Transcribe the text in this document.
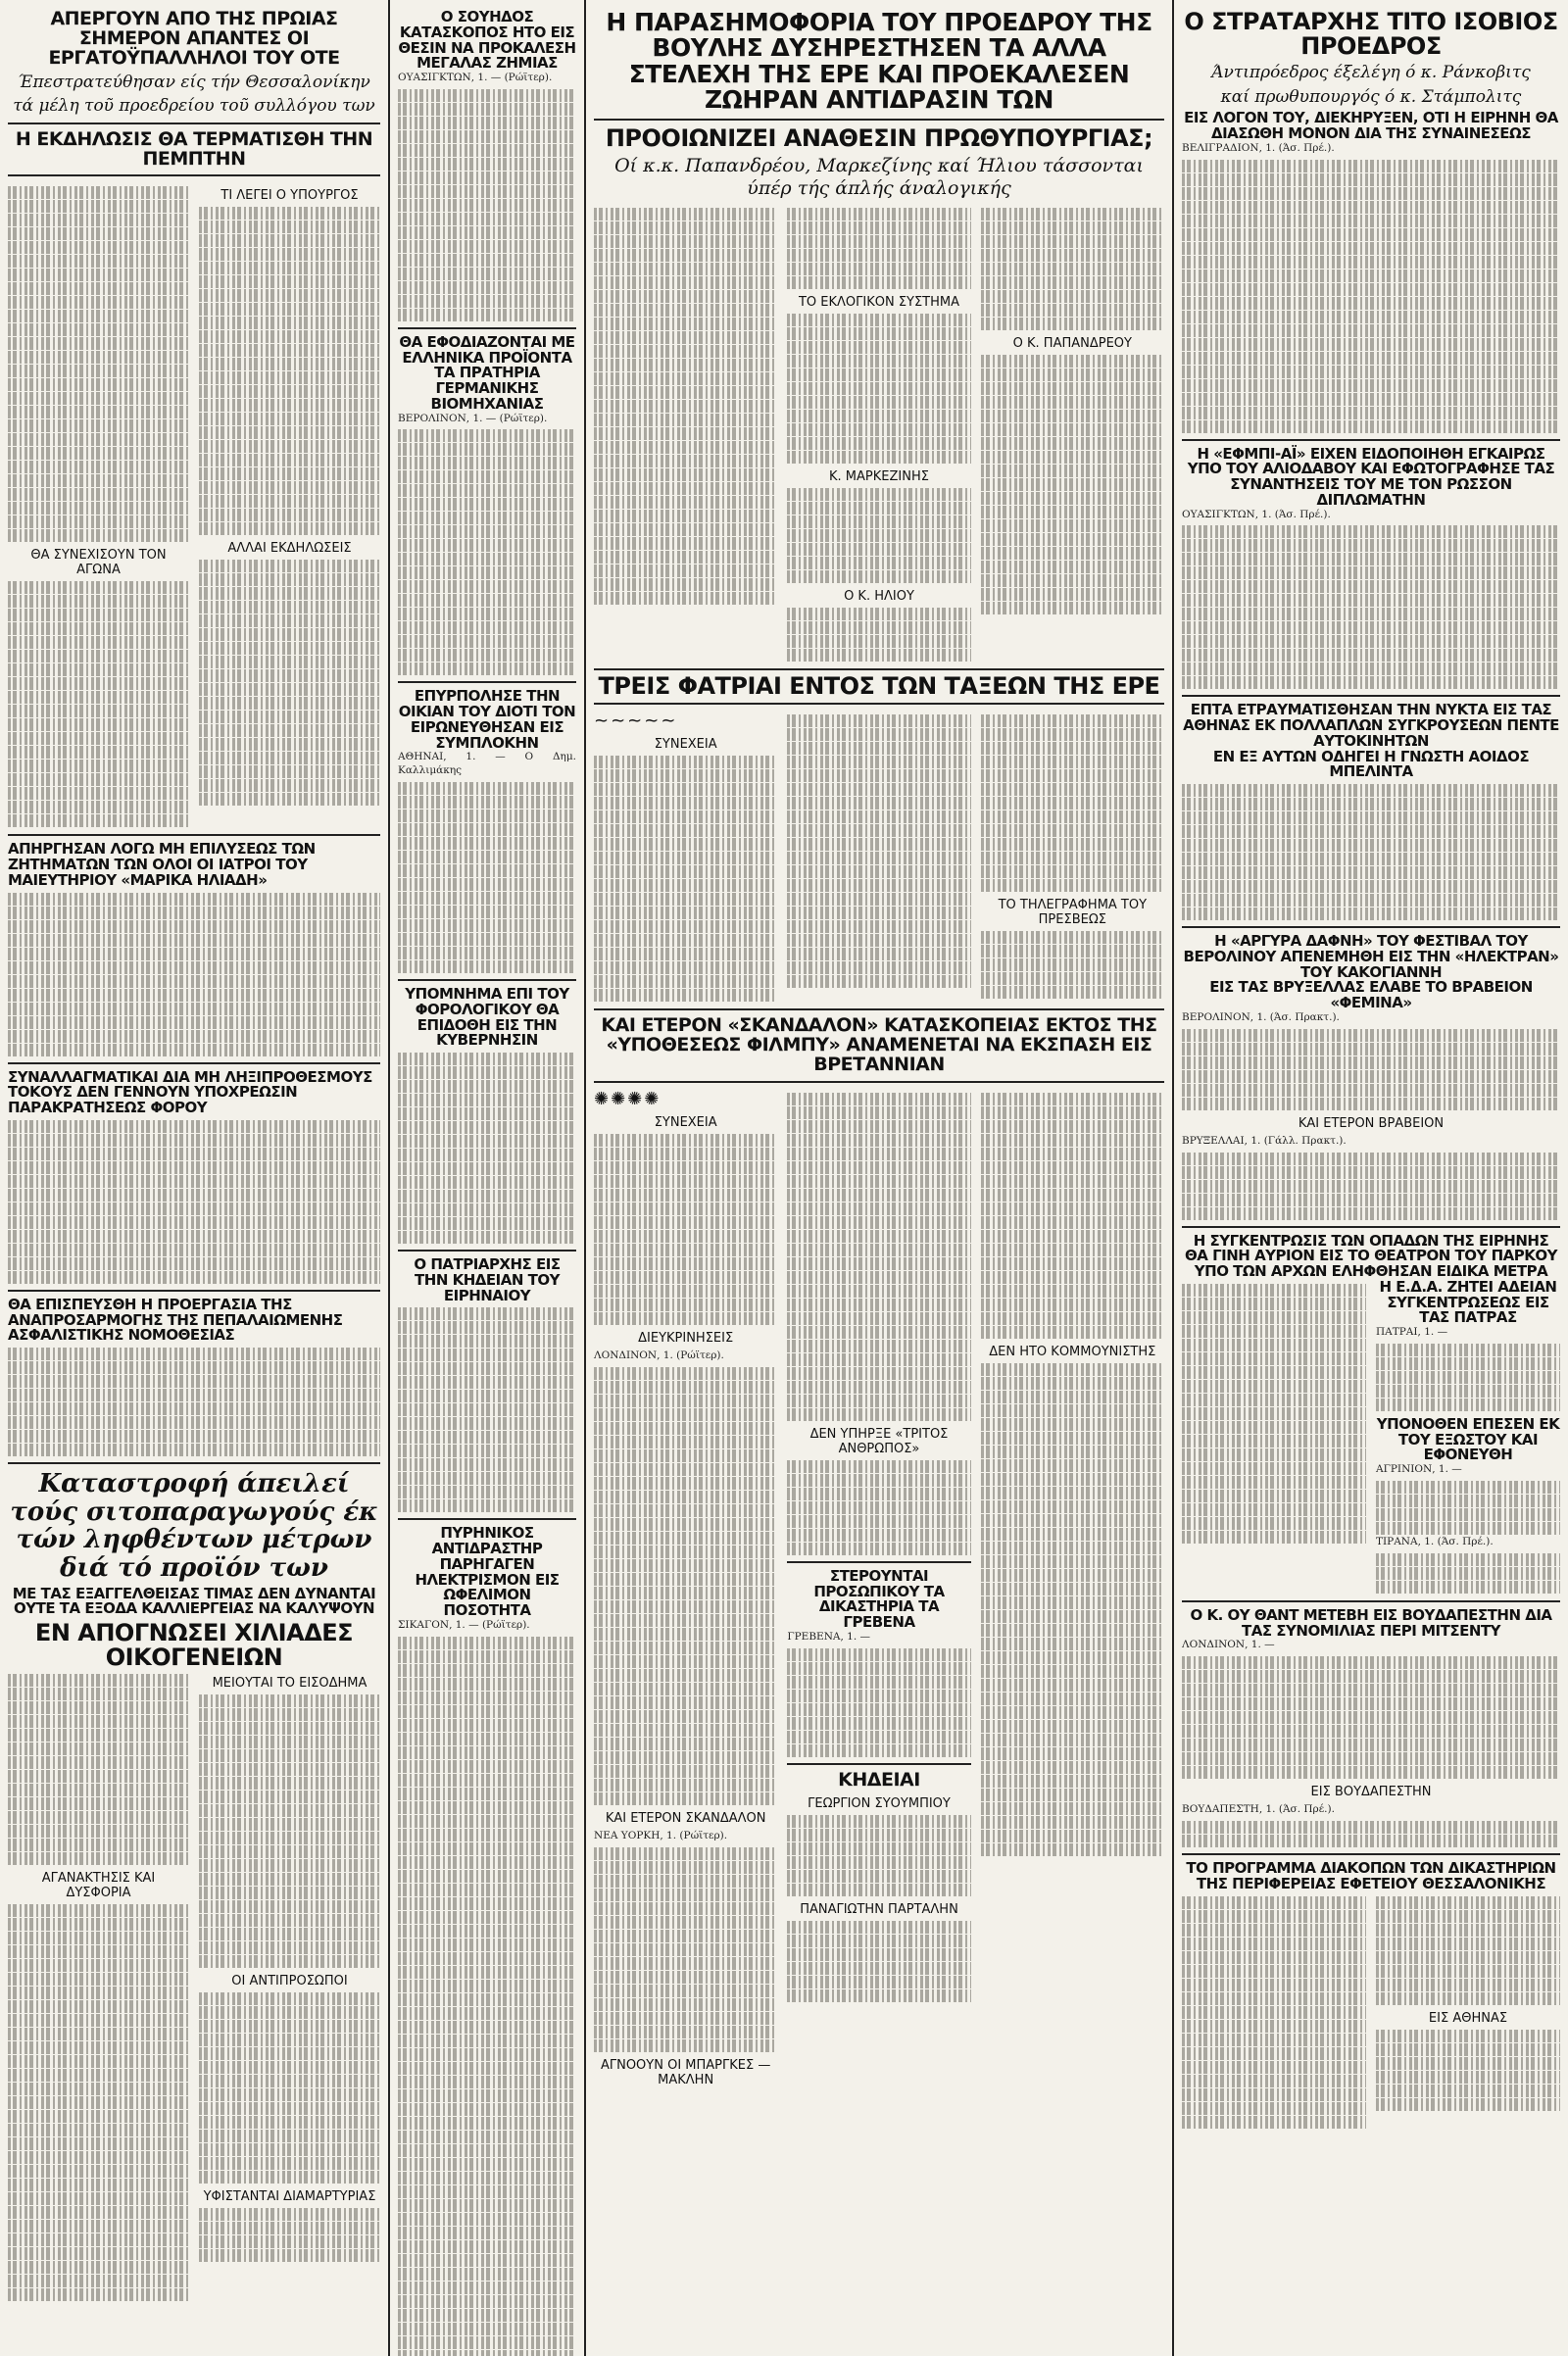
ΑΠΕΡΓΟΥΝ ΑΠΟ ΤΗΣ ΠΡΩΙΑΣ ΣΗΜΕΡΟΝ ΑΠΑΝΤΕΣ ΟΙ ΕΡΓΑΤΟΫΠΑΛΛΗΛΟΙ ΤΟΥ ΟΤΕ
Έπεστρατεύθησαν είς τήν Θεσσαλονίκην
τά μέλη τοῦ προεδρείου τοῦ συλλόγου των
Η ΕΚΔΗΛΩΣΙΣ ΘΑ ΤΕΡΜΑΤΙΣΘΗ ΤΗΝ ΠΕΜΠΤΗΝ
ΘΑ ΣΥΝΕΧΙΣΟΥΝ ΤΟΝ ΑΓΩΝΑ
ΤΙ ΛΕΓΕΙ Ο ΥΠΟΥΡΓΟΣ
ΑΛΛΑΙ ΕΚΔΗΛΩΣΕΙΣ
ΑΠΗΡΓΗΣΑΝ ΛΟΓΩ ΜΗ ΕΠΙΛΥΣΕΩΣ ΤΩΝ ΖΗΤΗΜΑΤΩΝ ΤΩΝ ΟΛΟΙ ΟΙ ΙΑΤΡΟΙ ΤΟΥ ΜΑΙΕΥΤΗΡΙΟΥ «ΜΑΡΙΚΑ ΗΛΙΑΔΗ»
ΣΥΝΑΛΛΑΓΜΑΤΙΚΑΙ ΔΙΑ ΜΗ ΛΗΞΙΠΡΟΘΕΣΜΟΥΣ ΤΟΚΟΥΣ ΔΕΝ ΓΕΝΝΟΥΝ ΥΠΟΧΡΕΩΣΙΝ ΠΑΡΑΚΡΑΤΗΣΕΩΣ ΦΟΡΟΥ
ΘΑ ΕΠΙΣΠΕΥΣΘΗ Η ΠΡΟΕΡΓΑΣΙΑ ΤΗΣ ΑΝΑΠΡΟΣΑΡΜΟΓΗΣ ΤΗΣ ΠΕΠΑΛΑΙΩΜΕΝΗΣ ΑΣΦΑΛΙΣΤΙΚΗΣ ΝΟΜΟΘΕΣΙΑΣ
Καταστροφή άπειλεί τούς σιτοπαραγωγούς έκ τών ληφθέντων μέτρων διά τό προϊόν των
ΜΕ ΤΑΣ ΕΞΑΓΓΕΛΘΕΙΣΑΣ ΤΙΜΑΣ ΔΕΝ ΔΥΝΑΝΤΑΙ ΟΥΤΕ ΤΑ ΕΞΟΔΑ ΚΑΛΛΙΕΡΓΕΙΑΣ ΝΑ ΚΑΛΥΨΟΥΝ
ΕΝ ΑΠΟΓΝΩΣΕΙ ΧΙΛΙΑΔΕΣ ΟΙΚΟΓΕΝΕΙΩΝ
ΑΓΑΝΑΚΤΗΣΙΣ ΚΑΙ ΔΥΣΦΟΡΙΑ
ΜΕΙΟΥΤΑΙ ΤΟ ΕΙΣΟΔΗΜΑ
ΟΙ ΑΝΤΙΠΡΟΣΩΠΟΙ
ΥΦΙΣΤΑΝΤΑΙ ΔΙΑΜΑΡΤΥΡΙΑΣ
Ο ΣΟΥΗΔΟΣ ΚΑΤΑΣΚΟΠΟΣ ΗΤΟ ΕΙΣ ΘΕΣΙΝ ΝΑ ΠΡΟΚΑΛΕΣΗ ΜΕΓΑΛΑΣ ΖΗΜΙΑΣ
ΟΥΑΣΙΓΚΤΩΝ, 1. — (Ρώϊτερ).
ΘΑ ΕΦΟΔΙΑΖΟΝΤΑΙ ΜΕ ΕΛΛΗΝΙΚΑ ΠΡΟΪΟΝΤΑ ΤΑ ΠΡΑΤΗΡΙΑ ΓΕΡΜΑΝΙΚΗΣ ΒΙΟΜΗΧΑΝΙΑΣ
ΒΕΡΟΛΙΝΟΝ, 1. — (Ρώϊτερ).
ΕΠΥΡΠΟΛΗΣΕ ΤΗΝ ΟΙΚΙΑΝ ΤΟΥ ΔΙΟΤΙ ΤΟΝ ΕΙΡΩΝΕΥΘΗΣΑΝ ΕΙΣ ΣΥΜΠΛΟΚΗΝ
ΑΘΗΝΑΙ, 1. — Ο Δημ. Καλλιμάκης
ΥΠΟΜΝΗΜΑ ΕΠΙ ΤΟΥ ΦΟΡΟΛΟΓΙΚΟΥ ΘΑ ΕΠΙΔΟΘΗ ΕΙΣ ΤΗΝ ΚΥΒΕΡΝΗΣΙΝ
Ο ΠΑΤΡΙΑΡΧΗΣ ΕΙΣ ΤΗΝ ΚΗΔΕΙΑΝ ΤΟΥ ΕΙΡΗΝΑΙΟΥ
ΠΥΡΗΝΙΚΟΣ ΑΝΤΙΔΡΑΣΤΗΡ ΠΑΡΗΓΑΓΕΝ ΗΛΕΚΤΡΙΣΜΟΝ ΕΙΣ ΩΦΕΛΙΜΟΝ ΠΟΣΟΤΗΤΑ
ΣΙΚΑΓΟΝ, 1. — (Ρώϊτερ).
Η ΠΑΡΑΣΗΜΟΦΟΡΙΑ ΤΟΥ ΠΡΟΕΔΡΟΥ ΤΗΣ ΒΟΥΛΗΣ ΔΥΣΗΡΕΣΤΗΣΕΝ ΤΑ ΑΛΛΑ ΣΤΕΛΕΧΗ ΤΗΣ ΕΡΕ ΚΑΙ ΠΡΟΕΚΑΛΕΣΕΝ ΖΩΗΡΑΝ ΑΝΤΙΔΡΑΣΙΝ ΤΩΝ
ΠΡΟΟΙΩΝΙΖΕΙ ΑΝΑΘΕΣΙΝ ΠΡΩΘΥΠΟΥΡΓΙΑΣ;
Οί κ.κ. Παπανδρέου, Μαρκεζίνης καί Ήλιου τάσσονται ύπέρ τής άπλής άναλογικής
ΤΟ ΕΚΛΟΓΙΚΟΝ ΣΥΣΤΗΜΑ
Κ. ΜΑΡΚΕΖΙΝΗΣ
Ο Κ. ΗΛΙΟΥ
Ο Κ. ΠΑΠΑΝΔΡΕΟΥ
ΤΡΕΙΣ ΦΑΤΡΙΑΙ ΕΝΤΟΣ ΤΩΝ ΤΑΞΕΩΝ ΤΗΣ ΕΡΕ
~~~~~
ΣΥΝΕΧΕΙΑ
ΤΟ ΤΗΛΕΓΡΑΦΗΜΑ ΤΟΥ ΠΡΕΣΒΕΩΣ
ΚΑΙ ΕΤΕΡΟΝ «ΣΚΑΝΔΑΛΟΝ» ΚΑΤΑΣΚΟΠΕΙΑΣ ΕΚΤΟΣ ΤΗΣ «ΥΠΟΘΕΣΕΩΣ ΦΙΛΜΠΥ» ΑΝΑΜΕΝΕΤΑΙ ΝΑ ΕΚΣΠΑΣΗ ΕΙΣ ΒΡΕΤΑΝΝΙΑΝ
✺✺✺✺
ΣΥΝΕΧΕΙΑ
ΔΙΕΥΚΡΙΝΗΣΕΙΣ
ΛΟΝΔΙΝΟΝ, 1. (Ρώϊτερ).
ΚΑΙ ΕΤΕΡΟΝ ΣΚΑΝΔΑΛΟΝ
ΝΕΑ ΥΟΡΚΗ, 1. (Ρώϊτερ).
ΑΓΝΟΟΥΝ ΟΙ ΜΠΑΡΓΚΕΣ — ΜΑΚΛΗΝ
ΔΕΝ ΥΠΗΡΞΕ «ΤΡΙΤΟΣ ΑΝΘΡΩΠΟΣ»
ΣΤΕΡΟΥΝΤΑΙ ΠΡΟΣΩΠΙΚΟΥ ΤΑ ΔΙΚΑΣΤΗΡΙΑ ΤΑ ΓΡΕΒΕΝΑ
ΓΡΕΒΕΝΑ, 1. —
ΚΗΔΕΙΑΙ
ΓΕΩΡΓΙΟΝ ΣΥΟΥΜΠΙΟΥ
ΠΑΝΑΓΙΩΤΗΝ ΠΑΡΤΑΛΗΝ
ΔΕΝ ΗΤΟ ΚΟΜΜΟΥΝΙΣΤΗΣ
Ο ΣΤΡΑΤΑΡΧΗΣ ΤΙΤΟ ΙΣΟΒΙΟΣ ΠΡΟΕΔΡΟΣ
Άντιπρόεδρος έξελέγη ό κ. Ράνκοβιτς
καί πρωθυπουργός ό κ. Στάμπολιτς
ΕΙΣ ΛΟΓΟΝ ΤΟΥ, ΔΙΕΚΗΡΥΞΕΝ, ΟΤΙ Η ΕΙΡΗΝΗ ΘΑ ΔΙΑΣΩΘΗ ΜΟΝΟΝ ΔΙΑ ΤΗΣ ΣΥΝΑΙΝΕΣΕΩΣ
ΒΕΛΙΓΡΑΔΙΟΝ, 1. (Άσ. Πρέ.).
Η «ΕΦΜΠΙ-ΑΪ» ΕΙΧΕΝ ΕΙΔΟΠΟΙΗΘΗ ΕΓΚΑΙΡΩΣ ΥΠΟ ΤΟΥ ΑΛΙΟΔΑΒΟΥ ΚΑΙ ΕΦΩΤΟΓΡΑΦΗΣΕ ΤΑΣ ΣΥΝΑΝΤΗΣΕΙΣ ΤΟΥ ΜΕ ΤΟΝ ΡΩΣΣΟΝ ΔΙΠΛΩΜΑΤΗΝ
ΟΥΑΣΙΓΚΤΩΝ, 1. (Άσ. Πρέ.).
ΕΠΤΑ ΕΤΡΑΥΜΑΤΙΣΘΗΣΑΝ ΤΗΝ ΝΥΚΤΑ ΕΙΣ ΤΑΣ ΑΘΗΝΑΣ ΕΚ ΠΟΛΛΑΠΛΩΝ ΣΥΓΚΡΟΥΣΕΩΝ ΠΕΝΤΕ ΑΥΤΟΚΙΝΗΤΩΝ
ΕΝ ΕΞ ΑΥΤΩΝ ΟΔΗΓΕΙ Η ΓΝΩΣΤΗ ΑΟΙΔΟΣ ΜΠΕΛΙΝΤΑ
Η «ΑΡΓΥΡΑ ΔΑΦΝΗ» ΤΟΥ ΦΕΣΤΙΒΑΛ ΤΟΥ ΒΕΡΟΛΙΝΟΥ ΑΠΕΝΕΜΗΘΗ ΕΙΣ ΤΗΝ «ΗΛΕΚΤΡΑΝ» ΤΟΥ ΚΑΚΟΓΙΑΝΝΗ
ΕΙΣ ΤΑΣ ΒΡΥΞΕΛΛΑΣ ΕΛΑΒΕ ΤΟ ΒΡΑΒΕΙΟΝ «ΦΕΜΙΝΑ»
ΒΕΡΟΛΙΝΟΝ, 1. (Άσ. Πρακτ.).
ΚΑΙ ΕΤΕΡΟΝ ΒΡΑΒΕΙΟΝ
ΒΡΥΞΕΛΛΑΙ, 1. (Γάλλ. Πρακτ.).
Η ΣΥΓΚΕΝΤΡΩΣΙΣ ΤΩΝ ΟΠΑΔΩΝ ΤΗΣ ΕΙΡΗΝΗΣ ΘΑ ΓΙΝΗ ΑΥΡΙΟΝ ΕΙΣ ΤΟ ΘΕΑΤΡΟΝ ΤΟΥ ΠΑΡΚΟΥ
ΥΠΟ ΤΩΝ ΑΡΧΩΝ ΕΛΗΦΘΗΣΑΝ ΕΙΔΙΚΑ ΜΕΤΡΑ
Η Ε.Δ.Α. ΖΗΤΕΙ ΑΔΕΙΑΝ ΣΥΓΚΕΝΤΡΩΣΕΩΣ ΕΙΣ ΤΑΣ ΠΑΤΡΑΣ
ΠΑΤΡΑΙ, 1. —
ΥΠΟΝΟΘΕΝ ΕΠΕΣΕΝ ΕΚ ΤΟΥ ΕΞΩΣΤΟΥ ΚΑΙ ΕΦΟΝΕΥΘΗ
ΑΓΡΙΝΙΟΝ, 1. —
ΤΙΡΑΝΑ, 1. (Άσ. Πρέ.).
Ο Κ. ΟΥ ΘΑΝΤ ΜΕΤΕΒΗ ΕΙΣ ΒΟΥΔΑΠΕΣΤΗΝ ΔΙΑ ΤΑΣ ΣΥΝΟΜΙΛΙΑΣ ΠΕΡΙ ΜΙΤΣΕΝΤΥ
ΛΟΝΔΙΝΟΝ, 1. —
ΕΙΣ ΒΟΥΔΑΠΕΣΤΗΝ
ΒΟΥΔΑΠΕΣΤΗ, 1. (Άσ. Πρέ.).
ΤΟ ΠΡΟΓΡΑΜΜΑ ΔΙΑΚΟΠΩΝ ΤΩΝ ΔΙΚΑΣΤΗΡΙΩΝ ΤΗΣ ΠΕΡΙΦΕΡΕΙΑΣ ΕΦΕΤΕΙΟΥ ΘΕΣΣΑΛΟΝΙΚΗΣ
ΕΙΣ ΑΘΗΝΑΣ
